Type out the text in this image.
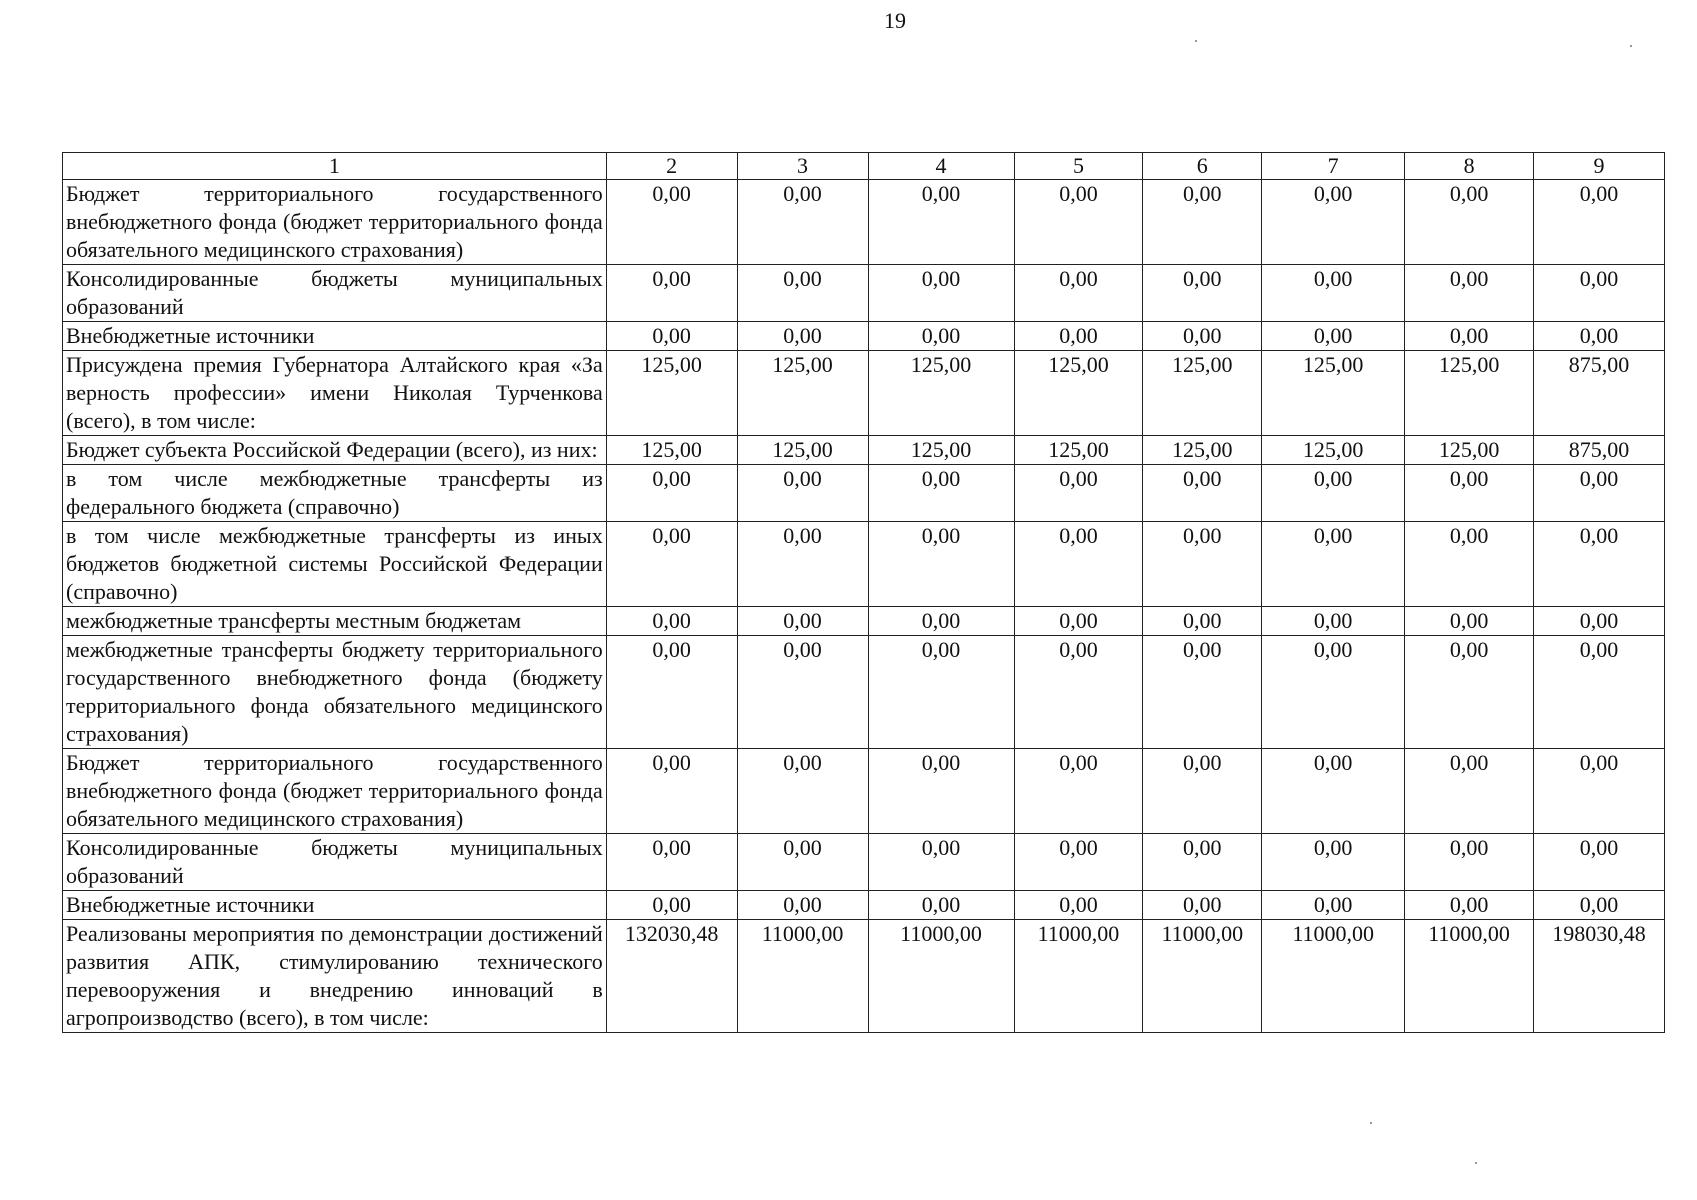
19
1	2	3	4	5	6	7	8	9
Бюджет территориального государственного внебюджетного фонда (бюджет территориального фонда обязательного медицинского страхования)	0,00	0,00	0,00	0,00	0,00	0,00	0,00	0,00
Консолидированные бюджеты муниципальных образований	0,00	0,00	0,00	0,00	0,00	0,00	0,00	0,00
Внебюджетные источники	0,00	0,00	0,00	0,00	0,00	0,00	0,00	0,00
Присуждена премия Губернатора Алтайского края «За верность профессии» имени Николая Турченкова (всего), в том числе:	125,00	125,00	125,00	125,00	125,00	125,00	125,00	875,00
Бюджет субъекта Российской Федерации (всего), из них:	125,00	125,00	125,00	125,00	125,00	125,00	125,00	875,00
в том числе межбюджетные трансферты из федерального бюджета (справочно)	0,00	0,00	0,00	0,00	0,00	0,00	0,00	0,00
в том числе межбюджетные трансферты из иных бюджетов бюджетной системы Российской Федерации (справочно)	0,00	0,00	0,00	0,00	0,00	0,00	0,00	0,00
межбюджетные трансферты местным бюджетам	0,00	0,00	0,00	0,00	0,00	0,00	0,00	0,00
межбюджетные трансферты бюджету территориального государственного внебюджетного фонда (бюджету территориального фонда обязательного медицинского страхования)	0,00	0,00	0,00	0,00	0,00	0,00	0,00	0,00
Бюджет территориального государственного внебюджетного фонда (бюджет территориального фонда обязательного медицинского страхования)	0,00	0,00	0,00	0,00	0,00	0,00	0,00	0,00
Консолидированные бюджеты муниципальных образований	0,00	0,00	0,00	0,00	0,00	0,00	0,00	0,00
Внебюджетные источники	0,00	0,00	0,00	0,00	0,00	0,00	0,00	0,00
Реализованы мероприятия по демонстрации достижений развития АПК, стимулированию технического перевооружения и внедрению инноваций в агропроизводство (всего), в том числе:	132030,48	11000,00	11000,00	11000,00	11000,00	11000,00	11000,00	198030,48
